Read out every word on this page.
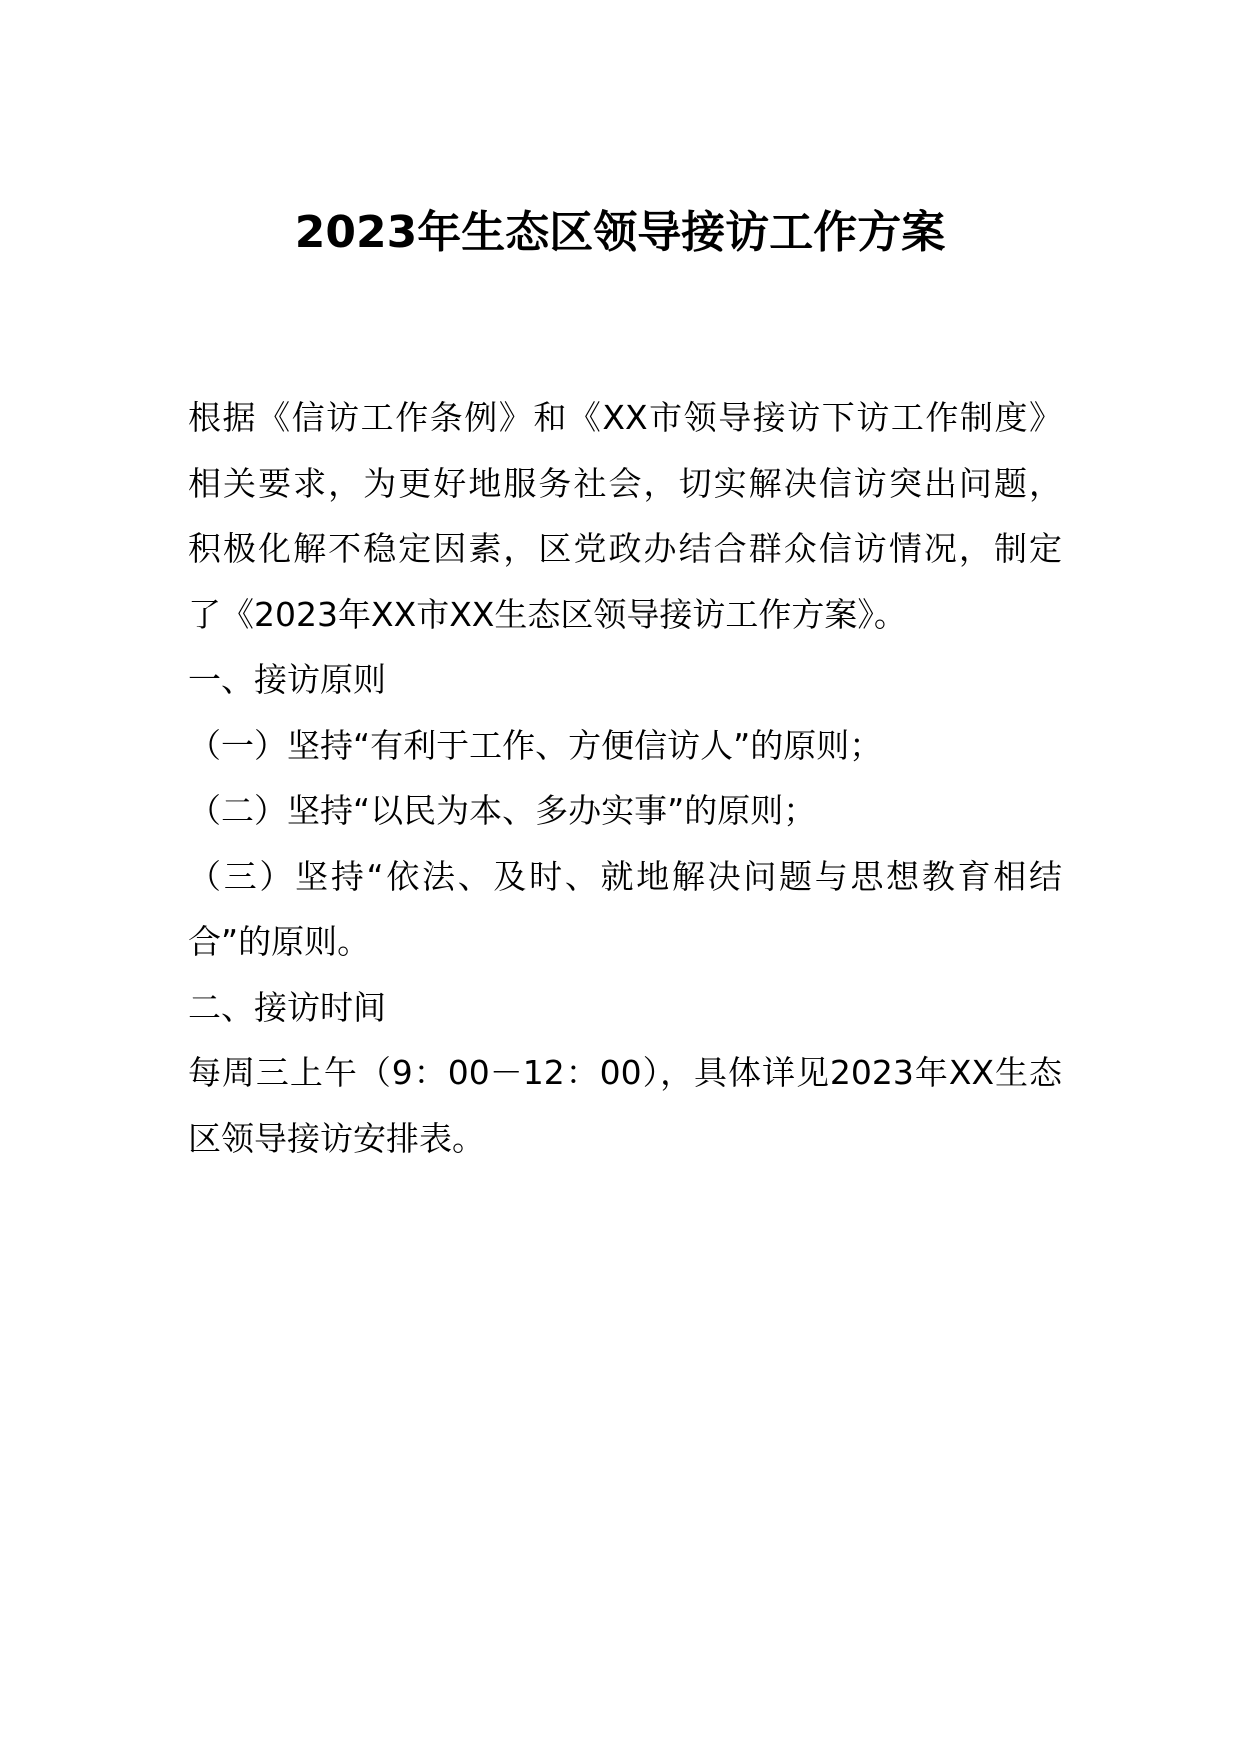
2023年生态区领导接访工作方案

根据《信访工作条例》和《XX市领导接访下访工作制度》

相关要求，为更好地服务社会，切实解决信访突出问题，

积极化解不稳定因素，区党政办结合群众信访情况，制定

了《2023年XX市XX生态区领导接访工作方案》。

一、接访原则

（一）坚持“有利于工作、方便信访人”的原则；

（二）坚持“以民为本、多办实事”的原则；

（三）坚持“依法、及时、就地解决问题与思想教育相结

合”的原则。

二、接访时间

每周三上午（9：00－12：00），具体详见2023年XX生态

区领导接访安排表。
